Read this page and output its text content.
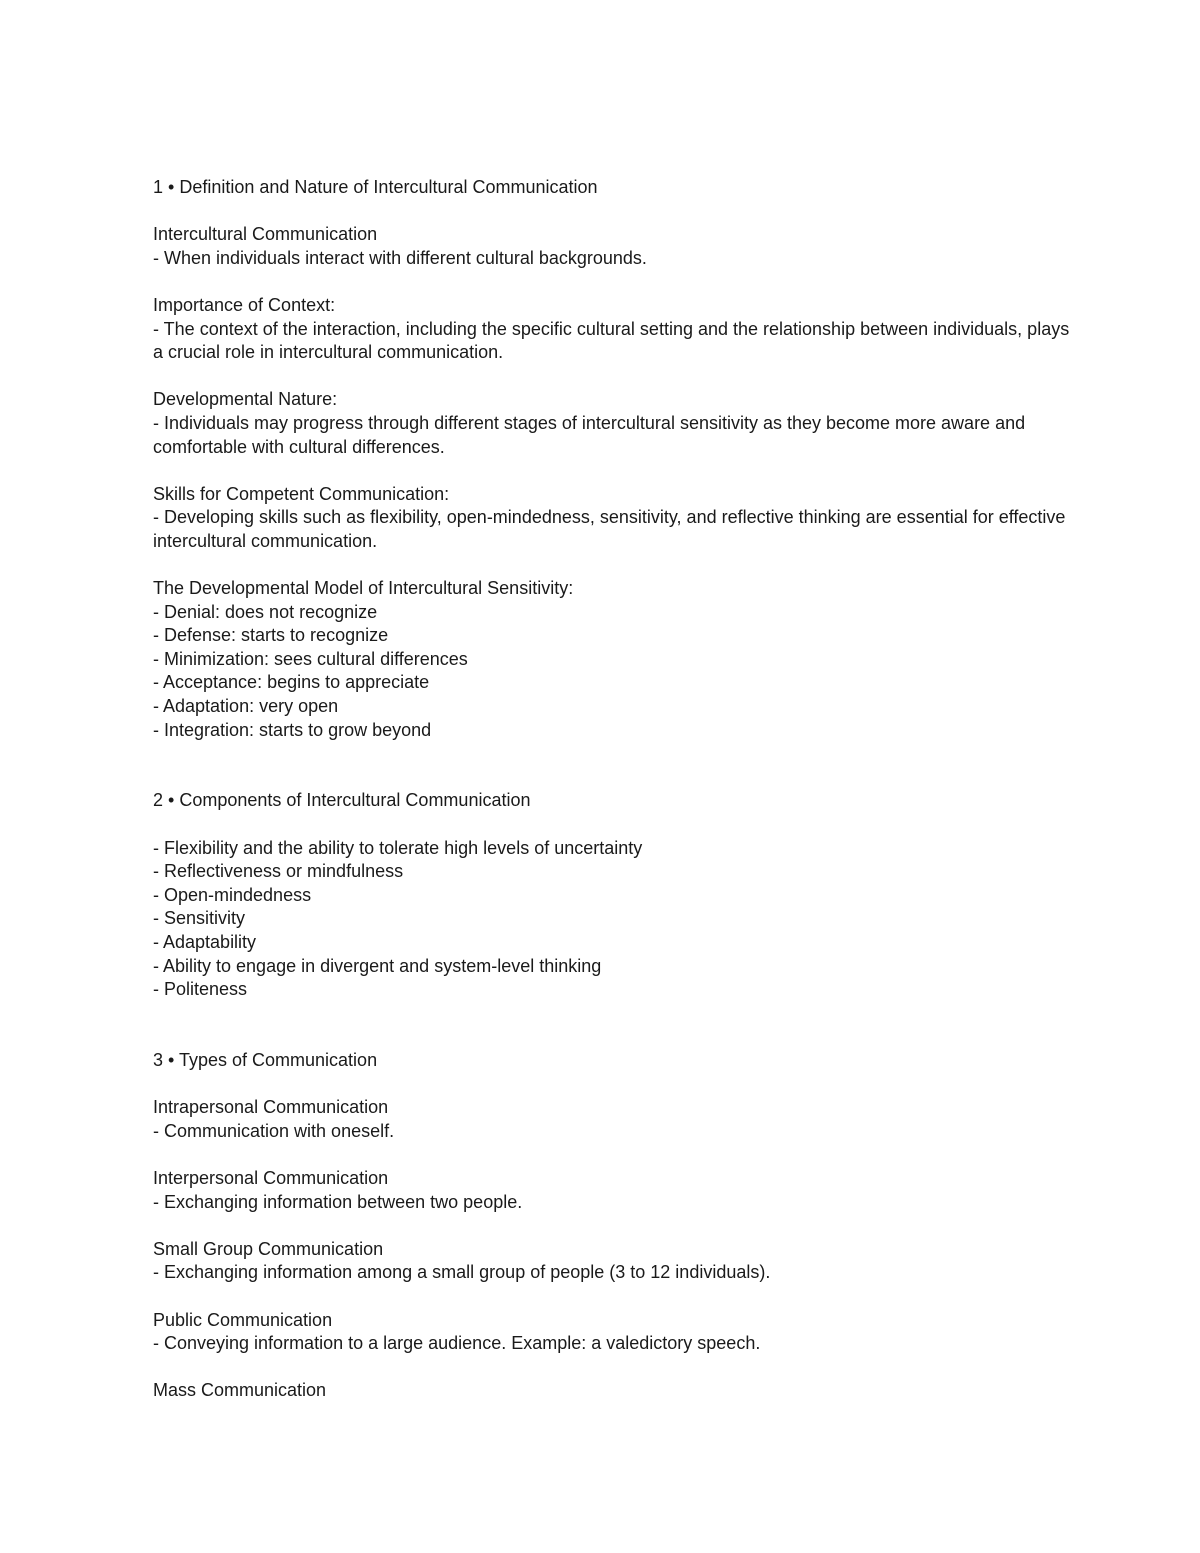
1 • Definition and Nature of Intercultural Communication
Intercultural Communication
- When individuals interact with different cultural backgrounds.
Importance of Context:
- The context of the interaction, including the specific cultural setting and the relationship between individuals, plays a crucial role in intercultural communication.
Developmental Nature:
- Individuals may progress through different stages of intercultural sensitivity as they become more aware and comfortable with cultural differences.
Skills for Competent Communication:
- Developing skills such as flexibility, open-mindedness, sensitivity, and reflective thinking are essential for effective intercultural communication.
The Developmental Model of Intercultural Sensitivity:
- Denial: does not recognize
- Defense: starts to recognize
- Minimization: sees cultural differences
- Acceptance: begins to appreciate
- Adaptation: very open
- Integration: starts to grow beyond
2 • Components of Intercultural Communication
- Flexibility and the ability to tolerate high levels of uncertainty
- Reflectiveness or mindfulness
- Open-mindedness
- Sensitivity
- Adaptability
- Ability to engage in divergent and system-level thinking
- Politeness
3 • Types of Communication
Intrapersonal Communication
- Communication with oneself.
Interpersonal Communication
- Exchanging information between two people.
Small Group Communication
- Exchanging information among a small group of people (3 to 12 individuals).
Public Communication
- Conveying information to a large audience. Example: a valedictory speech.
Mass Communication
